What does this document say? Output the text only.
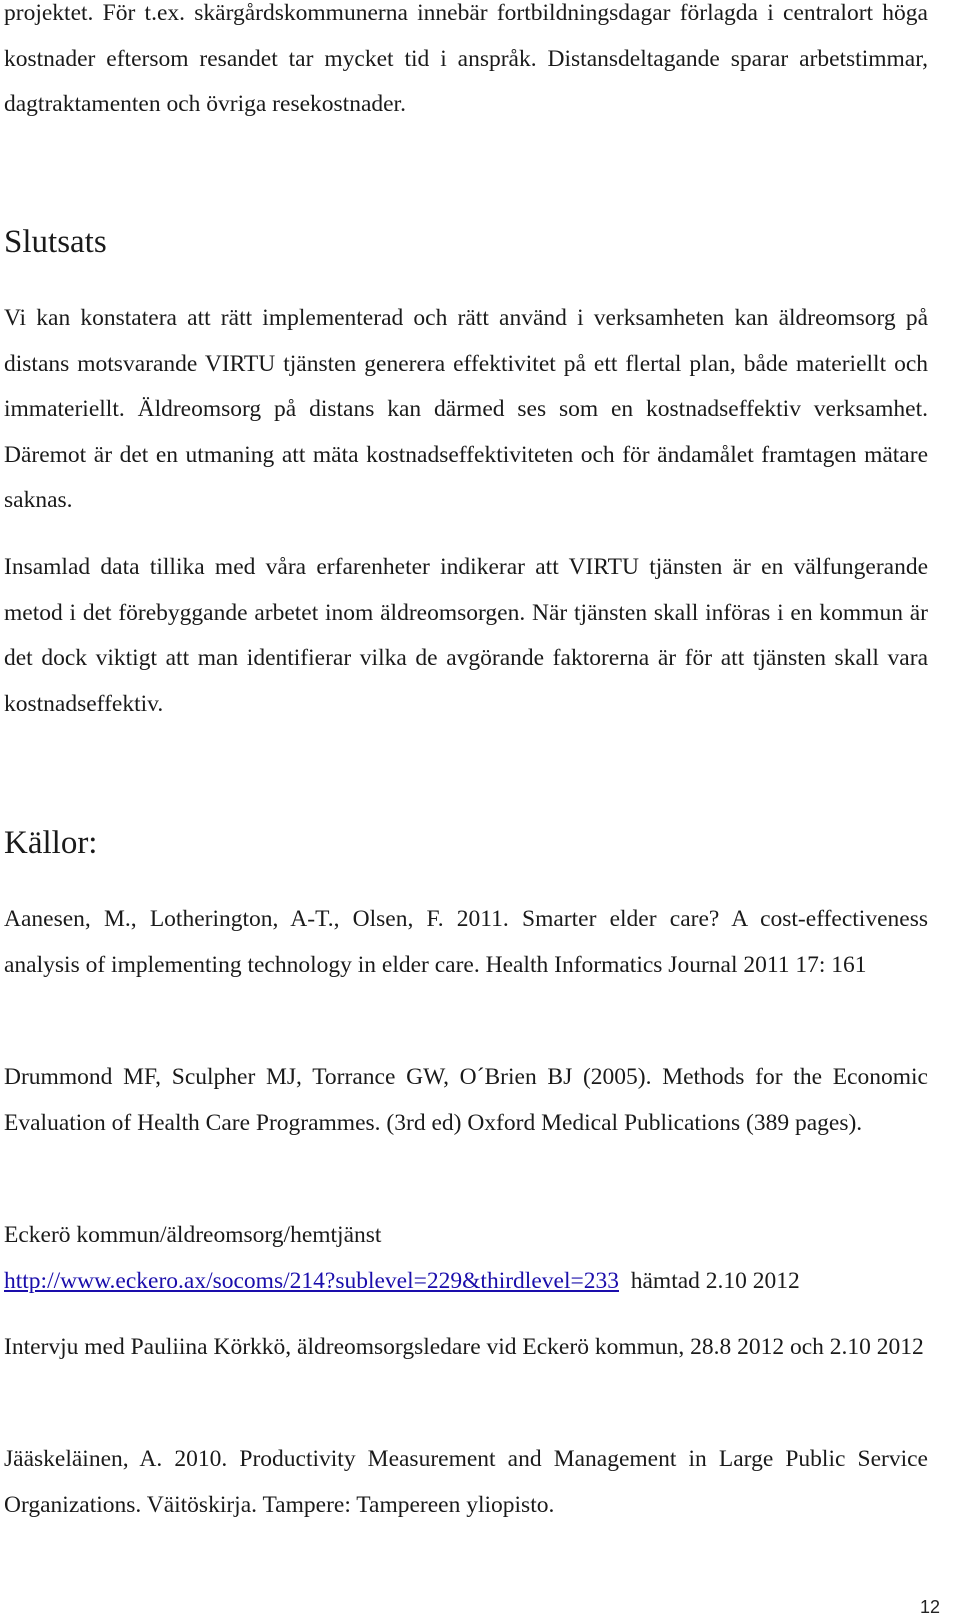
projektet. För t.ex. skärgårdskommunerna innebär fortbildningsdagar förlagda i centralort höga kostnader eftersom resandet tar mycket tid i anspråk. Distansdeltagande sparar arbetstimmar, dagtraktamenten och övriga resekostnader.

Slutsats

Vi kan konstatera att rätt implementerad och rätt använd i verksamheten kan äldreomsorg på distans motsvarande VIRTU tjänsten generera effektivitet på ett flertal plan, både materiellt och immateriellt. Äldreomsorg på distans kan därmed ses som en kostnadseffektiv verksamhet. Däremot är det en utmaning att mäta kostnadseffektiviteten och för ändamålet framtagen mätare saknas.

Insamlad data tillika med våra erfarenheter indikerar att VIRTU tjänsten är en välfungerande metod i det förebyggande arbetet inom äldreomsorgen. När tjänsten skall införas i en kommun är det dock viktigt att man identifierar vilka de avgörande faktorerna är för att tjänsten skall vara kostnadseffektiv.

Källor:

Aanesen, M., Lotherington, A-T., Olsen, F. 2011. Smarter elder care? A cost-effectiveness analysis of implementing technology in elder care. Health Informatics Journal 2011 17: 161

Drummond MF, Sculpher MJ, Torrance GW, O´Brien BJ (2005). Methods for the Economic Evaluation of Health Care Programmes. (3rd ed) Oxford Medical Publications (389 pages).

Eckerö kommun/äldreomsorg/hemtjänst
http://www.eckero.ax/socoms/214?sublevel=229&thirdlevel=233 hämtad 2.10 2012

Intervju med Pauliina Körkkö, äldreomsorgsledare vid Eckerö kommun, 28.8 2012 och 2.10 2012

Jääskeläinen, A. 2010. Productivity Measurement and Management in Large Public Service Organizations. Väitöskirja. Tampere: Tampereen yliopisto.

12
